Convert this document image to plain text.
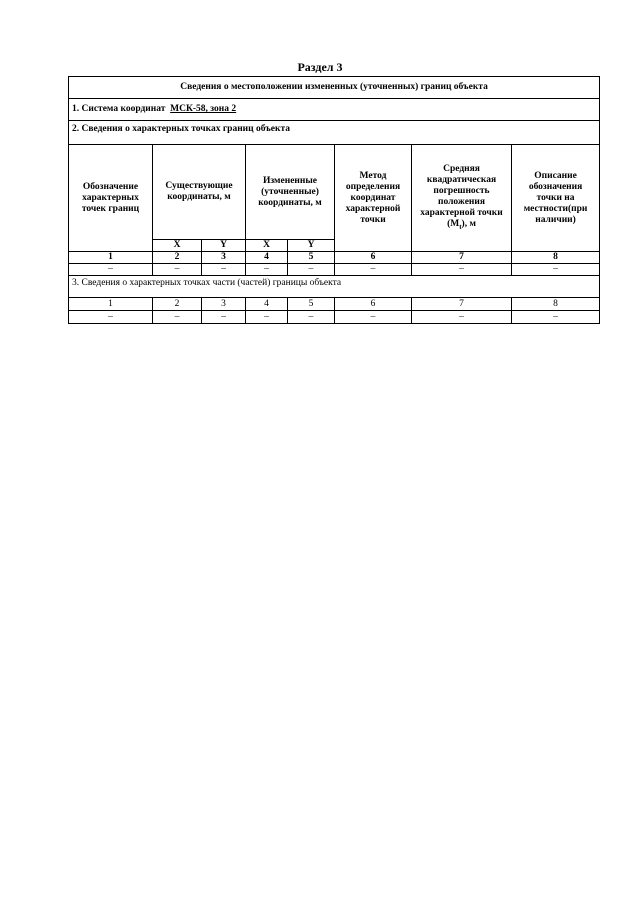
Раздел 3
Сведения о местоположении измененных (уточненных) границ объекта							
1. Система координат МСК-58, зона 2							
2. Сведения о характерных точках границ объекта							
Обозначение характерных точек границ	Существующие координаты, м		Измененные (уточненные) координаты, м		Метод определения координат характерной точки	Средняя квадратическая погрешность положения характерной точки $(M_t)$, м	Описание обозначения точки на местности(при наличии)
	X	Y	X	Y			
1	2	3	4	5	6	7	8
–	–	–	–	–	–	–	–
3. Сведения о характерных точках части (частей) границы объекта							
1	2	3	4	5	6	7	8
–	–	–	–	–	–	–	–
